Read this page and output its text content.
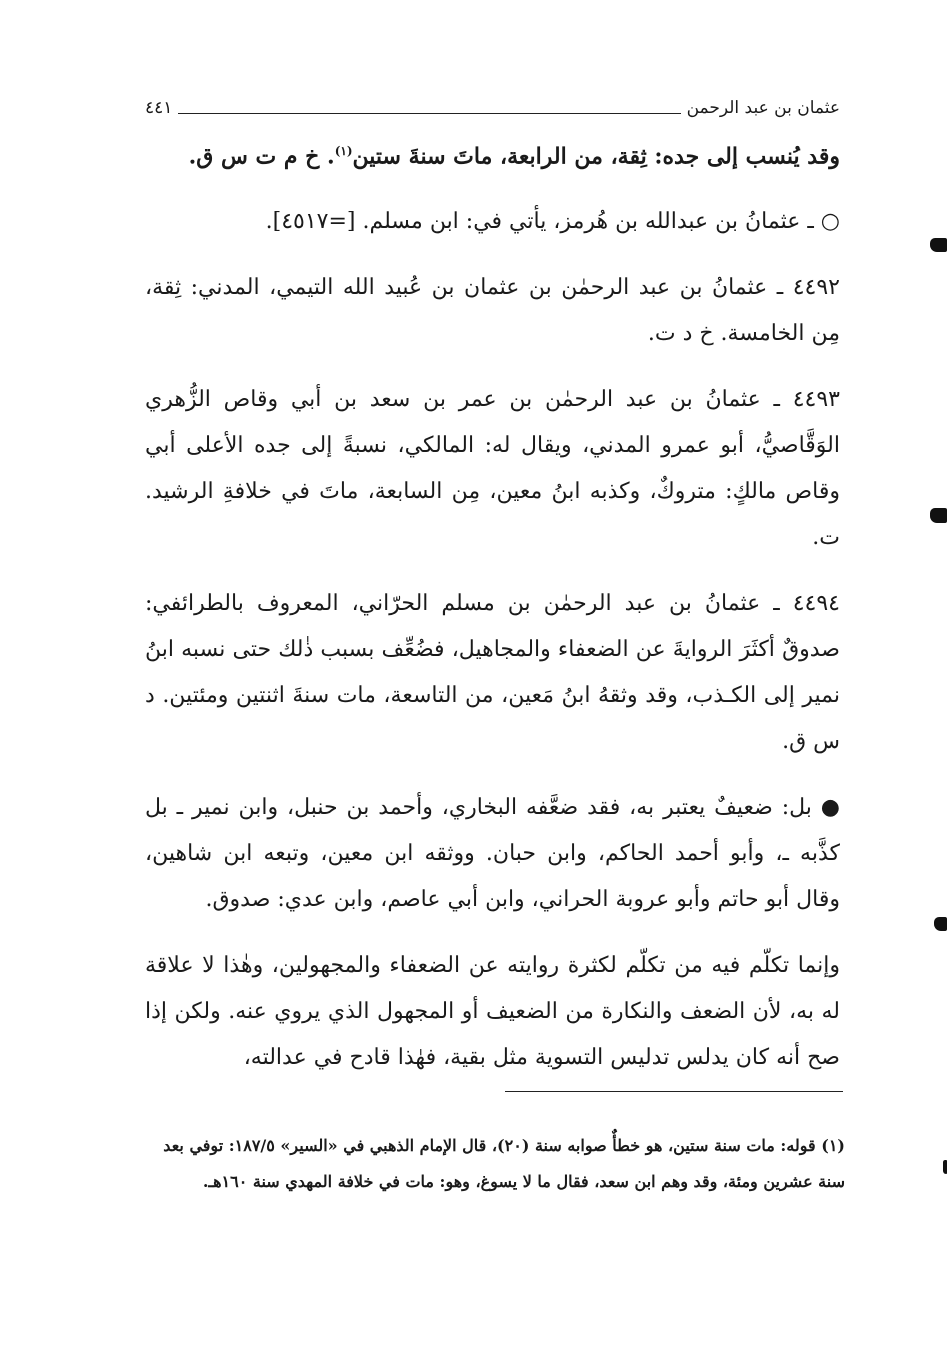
عثمان بن عبد الرحمن
٤٤١

وقد يُنسب إلى جده: ثِقة، من الرابعة، ماتَ سنةَ ستين$^{(١)}$. خ م ت س ق.

○ ـ عثمانُ بن عبدالله بن هُرمز، يأتي في: ابن مسلم. [=٤٥١٧].

٤٤٩٢ ـ عثمانُ بن عبد الرحمٰن بن عثمان بن عُبيد الله التيمي، المدني: ثِقة، مِن الخامسة. خ د ت.

٤٤٩٣ ـ عثمانُ بن عبد الرحمٰن بن عمر بن سعد بن أبي وقاص الزُّهري الوَقَّاصيُّ، أبو عمرو المدني، ويقال له: المالكي، نسبةً إلى جده الأعلى أبي وقاص مالكٍ: متروكٌ، وكذبه ابنُ معين، مِن السابعة، ماتَ في خلافةِ الرشيد. ت.

٤٤٩٤ ـ عثمانُ بن عبد الرحمٰن بن مسلم الحرّاني، المعروف بالطرائفي: صدوقٌ أكثَرَ الروايةَ عن الضعفاء والمجاهيل، فضُعِّف بسبب ذٰلك حتى نسبه ابنُ نمير إلى الكـذب، وقد وثقهُ ابنُ مَعين، من التاسعة، مات سنةَ اثنتين ومئتين. د س ق.

● بل: ضعيفٌ يعتبر به، فقد ضعَّفه البخاري، وأحمد بن حنبل، وابن نمير ـ بل كذَّبه ـ، وأبو أحمد الحاكم، وابن حبان. ووثقه ابن معين، وتبعه ابن شاهين، وقال أبو حاتم وأبو عروبة الحراني، وابن أبي عاصم، وابن عدي: صدوق.

وإنما تكلّم فيه من تكلّم لكثرة روايته عن الضعفاء والمجهولين، وهٰذا لا علاقة له به، لأن الضعف والنكارة من الضعيف أو المجهول الذي يروي عنه. ولكن إذا صح أنه كان يدلس تدليس التسوية مثل بقية، فهٰذا قادح في عدالته،

(١) قوله: مات سنة ستين، هو خطأٌ صوابه سنة (٢٠)، قال الإمام الذهبي في «السير» ١٨٧/٥: توفي بعد سنة عشرين ومئة، وقد وهم ابن سعد، فقال ما لا يسوغ، وهو: مات في خلافة المهدي سنة ١٦٠هـ.
